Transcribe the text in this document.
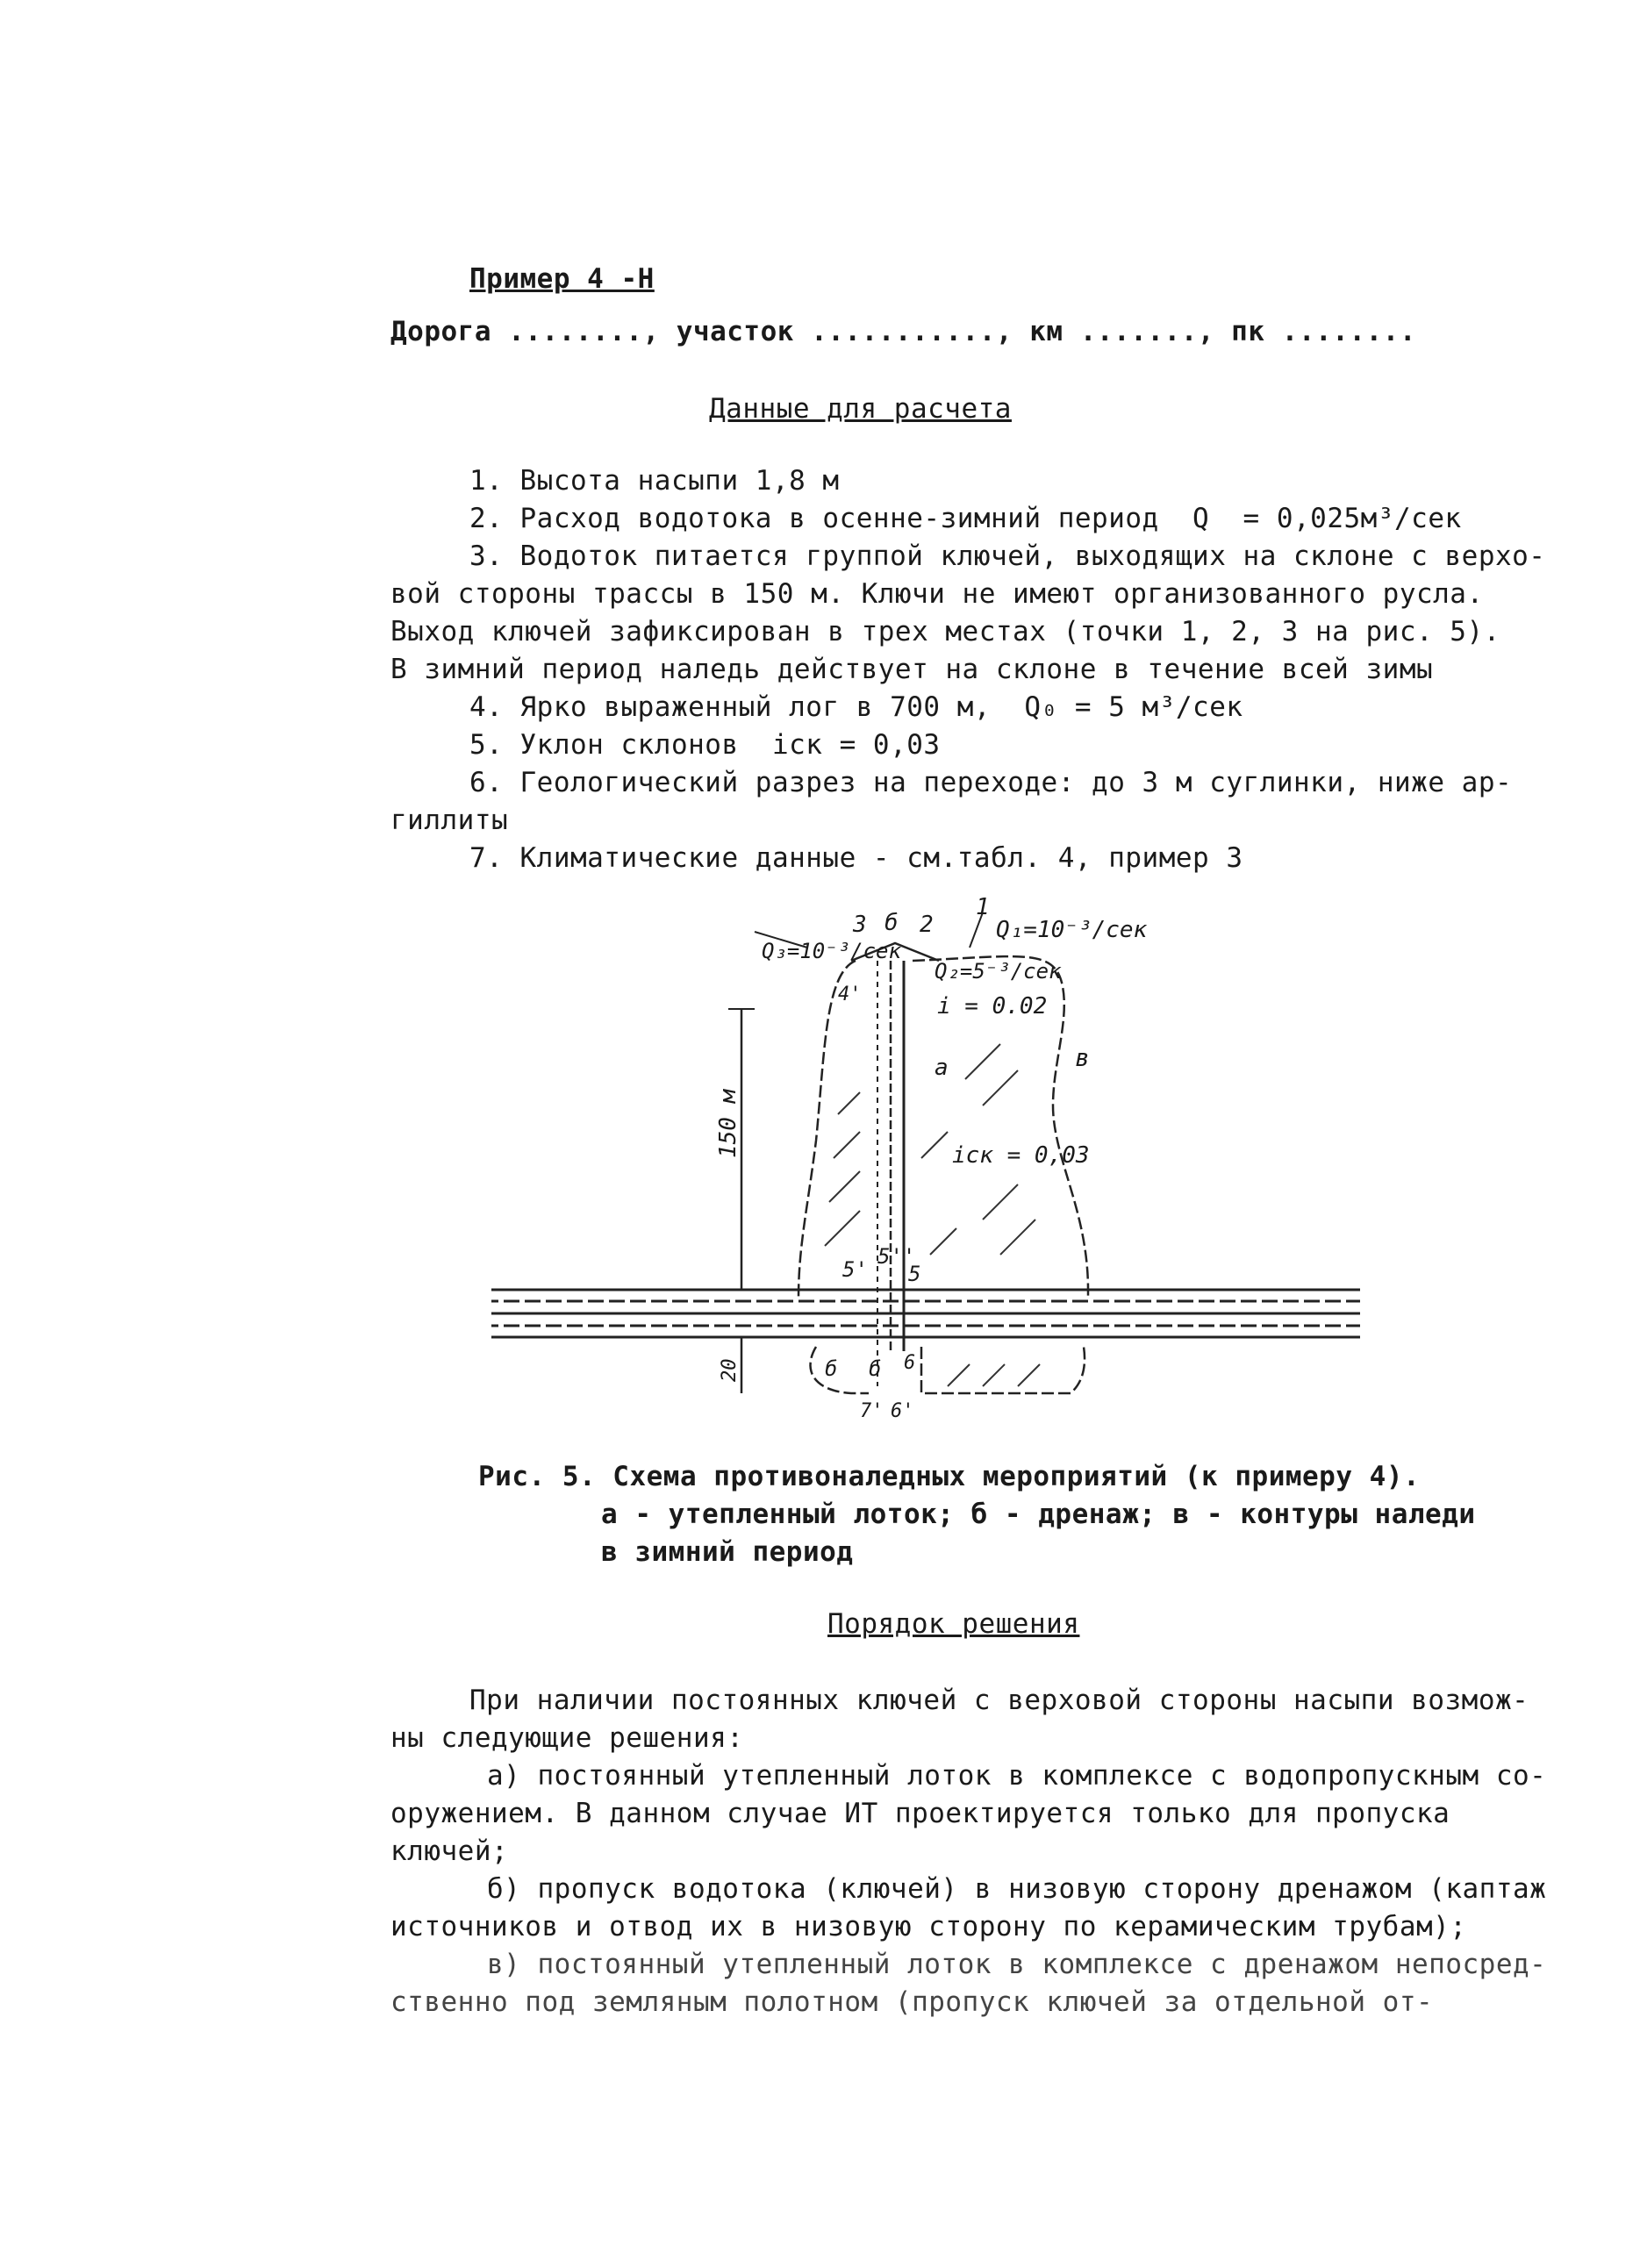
Пример 4 -Н
Дорога ........, участок ..........., км ......., пк ........
Данные для расчета
1. Высота насыпи 1,8 м
2. Расход водотока в осенне-зимний период  Q  = 0,025м³/сек
3. Водоток питается группой ключей, выходящих на склоне с верхо-
вой стороны трассы в 150 м. Ключи не имеют организованного русла.
Выход ключей зафиксирован в трех местах (точки 1, 2, 3 на рис. 5).
В зимний период наледь действует на склоне в течение всей зимы
4. Ярко выраженный лог в 700 м,  Q₀ = 5 м³/сек
5. Уклон склонов  iск = 0,03
6. Геологический разрез на переходе: до 3 м суглинки, ниже ар-
гиллиты
7. Климатические данные - см.табл. 4, пример 3
3 б 2
1
Q₁=10⁻³/сек
Q₃=10⁻³/сек
Q₂=5⁻³/сек
i = 0.02
а	в
iск = 0,03
4'
5'
5''
5
б б 6
7' 6'
150 м
20
Рис. 5. Схема противоналедных мероприятий (к примеру 4).
а - утепленный лоток; б - дренаж; в - контуры наледи
в зимний период
Порядок решения
При наличии постоянных ключей с верховой стороны насыпи возмож-
ны следующие решения:
а) постоянный утепленный лоток в комплексе с водопропускным со-
оружением. В данном случае ИТ проектируется только для пропуска
ключей;
б) пропуск водотока (ключей) в низовую сторону дренажом (каптаж
источников и отвод их в низовую сторону по керамическим трубам);
в) постоянный утепленный лоток в комплексе с дренажом непосред-
ственно под земляным полотном (пропуск ключей за отдельной от-
